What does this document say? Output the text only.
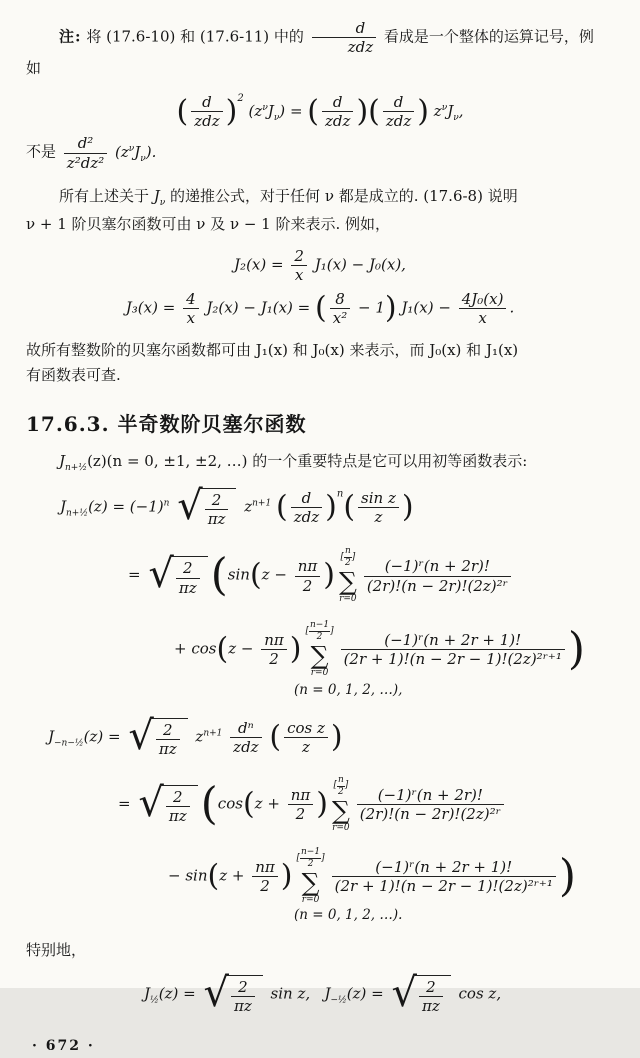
注: 将 (17.6-10) 和 (17.6-11) 中的 $\frac{d}{\text{zdz}}$ 看成是一个整体的运算记号，例

如

( $\frac{d}{\text{zdz}} )^2$ $(z^\nu J_\nu)$ = ( $\frac{d}{\text{zdz}}$ )( $\frac{d}{\text{zdz}}$ ) $z^\nu J_\nu$,

不是 $\frac{\text{d²}}{\text{z²dz²}} (z^\nu J_\nu)$.

所有上述关于 $J_\nu$ 的递推公式，对于任何 ν 都是成立的. (17.6-8) 说明

ν + 1 阶贝塞尔函数可由 ν 及 ν − 1 阶来表示. 例如，

$J_2(x) = \frac{2}{x} J_1(x) - J_0(x)$,
$J_3(x) = \frac{4}{x} J_2(x) - J_1(x)$ = ( $\frac{8}{\text{x²}} - 1$) $J_1(x) - \frac{\text{4J₀(x)}}{x}$ .

故所有整数阶的贝塞尔函数都可由 J₁(x) 和 J₀(x) 来表示，而 J₀(x) 和 J₁(x)

有函数表可查.

17.6.3. 半奇数阶贝塞尔函数

$J_{n+\frac{1}{2}}(z)(n = 0$, ±1, ±2, …) 的一个重要特点是它可以用初等函数表示:

$J_{n+\frac{1}{2}}(z) = (-1)^n$ √ $\frac{2}{\pi z} z^{n+1}$ ( $\frac{d}{\text{zdz}} )^n( \frac{\text{sin z}}{z}$ )
= √ $\frac{2}{\pi z} (\sin(z - \frac{n\pi}{2}$ )
[ $\frac{n}{2}$ ]
∑
r=0
$\frac{\text{(−1)ʳ(n + 2r)!}}{\text{(2r)!(n − 2r)!(2z)²ʳ}}$
+ $\cos(z - \frac{n\pi}{2}$ )
[ $\frac{n-1}{2}$ ]
∑
r=0
$\frac{\text{(−1)ʳ(n + 2r + 1)!}}{\text{(2r + 1)!(n − 2r − 1)!(2z)²ʳ⁺¹}}$ )
(n = 0, 1, 2, …),
$J_{-n-\frac{1}{2}}(z)$ = √ $\frac{2}{\pi z} z^{n+1} \frac{\text{dⁿ}}{\text{zdz}}$ ( $\frac{\text{cos z}}{z}$ )
= √ $\frac{2}{\pi z} (\cos(z + \frac{n\pi}{2}$ )
[ $\frac{n}{2}$ ]
∑
r=0
$\frac{\text{(−1)ʳ(n + 2r)!}}{\text{(2r)!(n − 2r)!(2z)²ʳ}}$
− $\sin(z + \frac{n\pi}{2}$ )
[ $\frac{n-1}{2}$ ]
∑
r=0
$\frac{\text{(−1)ʳ(n + 2r + 1)!}}{\text{(2r + 1)!(n − 2r − 1)!(2z)²ʳ⁺¹}}$ )
(n = 0, 1, 2, …).

特别地，

$J_{\frac{1}{2}}(z)$ = √ $\frac{2}{\pi z}$ sin z, $J_{-\frac{1}{2}}(z)$ = √ $\frac{2}{\pi z}$ cos z,
· 672 ·
